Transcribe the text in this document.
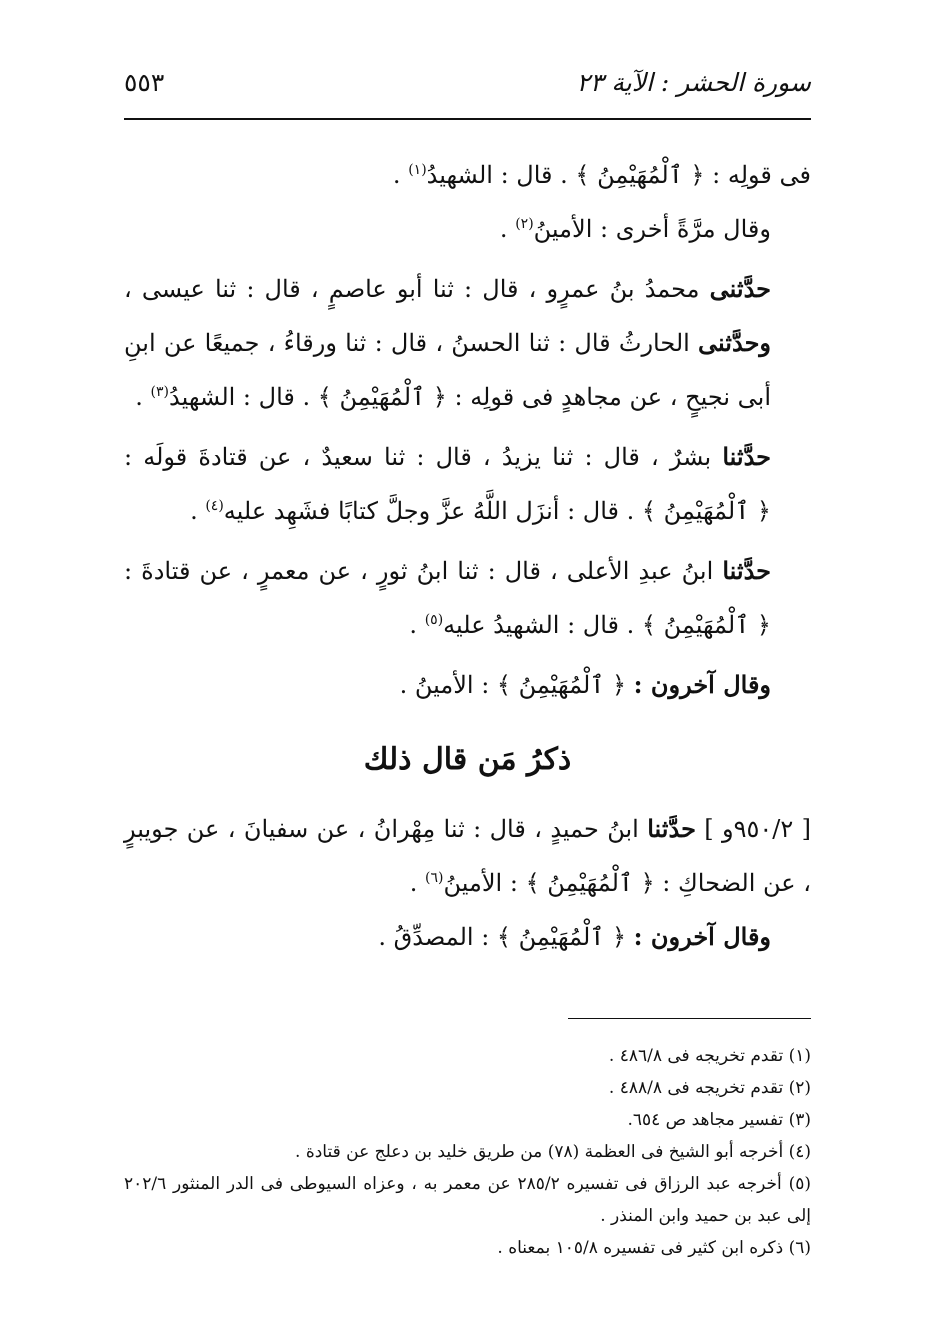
سورة الحشر : الآية ٢٣
٥٥٣

فى قولِه : ﴿ ٱلْمُهَيْمِنُ ﴾ . قال : الشهيدُ$^{(١)}$ .

وقال مرَّةً أخرى : الأمينُ$^{(٢)}$ .

حدَّثنى محمدُ بنُ عمرٍو ، قال : ثنا أبو عاصمٍ ، قال : ثنا عيسى ، وحدَّثنى الحارثُ قال : ثنا الحسنُ ، قال : ثنا ورقاءُ ، جميعًا عن ابنِ أبى نجيحٍ ، عن مجاهدٍ فى قولِه : ﴿ ٱلْمُهَيْمِنُ ﴾ . قال : الشهيدُ$^{(٣)}$ .

حدَّثنا بشرٌ ، قال : ثنا يزيدُ ، قال : ثنا سعيدٌ ، عن قتادةَ قولَه : ﴿ ٱلْمُهَيْمِنُ ﴾ . قال : أنزَل اللَّهُ عزَّ وجلَّ كتابًا فشَهِد عليه$^{(٤)}$ .

حدَّثنا ابنُ عبدِ الأعلى ، قال : ثنا ابنُ ثورٍ ، عن معمرٍ ، عن قتادةَ : ﴿ ٱلْمُهَيْمِنُ ﴾ . قال : الشهيدُ عليه$^{(٥)}$ .

وقال آخرون : ﴿ ٱلْمُهَيْمِنُ ﴾ : الأمينُ .

ذكرُ مَن قال ذلك

[ ٩٥٠/٢و ] حدَّثنا ابنُ حميدٍ ، قال : ثنا مِهْرانُ ، عن سفيانَ ، عن جويبرٍ ، عن الضحاكِ : ﴿ ٱلْمُهَيْمِنُ ﴾ : الأمينُ$^{(٦)}$ .

وقال آخرون : ﴿ ٱلْمُهَيْمِنُ ﴾ : المصدِّقُ .

(١) تقدم تخريجه فى ٤٨٦/٨ .

(٢) تقدم تخريجه فى ٤٨٨/٨ .

(٣) تفسير مجاهد ص ٦٥٤.

(٤) أخرجه أبو الشيخ فى العظمة (٧٨) من طريق خليد بن دعلج عن قتادة .

(٥) أخرجه عبد الرزاق فى تفسيره ٢٨٥/٢ عن معمر به ، وعزاه السيوطى فى الدر المنثور ٢٠٢/٦ إلى عبد بن حميد وابن المنذر .

(٦) ذكره ابن كثير فى تفسيره ١٠٥/٨ بمعناه .
